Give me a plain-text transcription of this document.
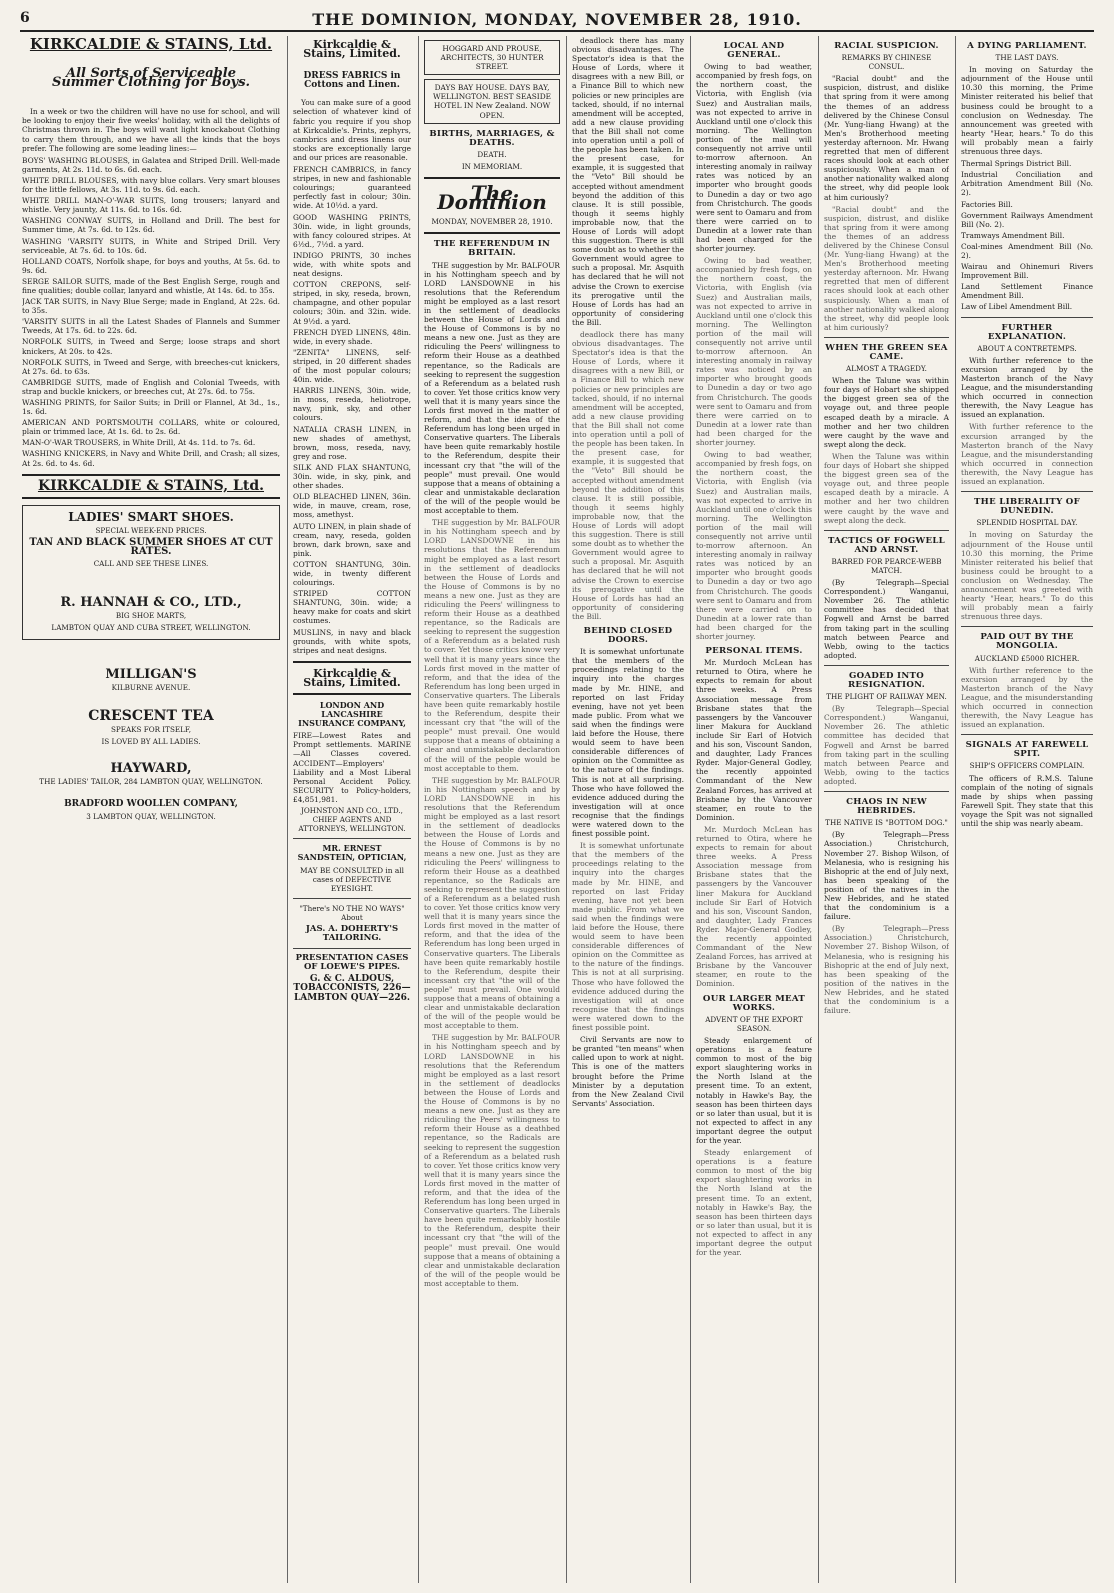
6	THE DOMINION, MONDAY, NOVEMBER 28, 1910.
KIRKCALDIE & STAINS, Ltd.
All Sorts of Serviceable Summer Clothing for Boys.

In a week or two the children will have no use for school, and will be looking to enjoy their five weeks' holiday, with all the delights of Christmas thrown in. The boys will want light knockabout Clothing to carry them through, and we have all the kinds that the boys prefer. The following are some leading lines:—

BOYS' WASHING BLOUSES, in Galatea and Striped Drill. Well-made garments, At 2s. 11d. to 6s. 6d. each.
WHITE DRILL BLOUSES, with navy blue collars. Very smart blouses for the little fellows, At 3s. 11d. to 9s. 6d. each.
WHITE DRILL MAN-O'-WAR SUITS, long trousers; lanyard and whistle. Very jaunty, At 11s. 6d. to 16s. 6d.
WASHING CONWAY SUITS, in Holland and Drill. The best for Summer time, At 7s. 6d. to 12s. 6d.
WASHING 'VARSITY SUITS, in White and Striped Drill. Very serviceable, At 7s. 6d. to 10s. 6d.
HOLLAND COATS, Norfolk shape, for boys and youths, At 5s. 6d. to 9s. 6d.
SERGE SAILOR SUITS, made of the Best English Serge, rough and fine qualities; double collar, lanyard and whistle, At 14s. 6d. to 35s.
JACK TAR SUITS, in Navy Blue Serge; made in England, At 22s. 6d. to 35s.
'VARSITY SUITS in all the Latest Shades of Flannels and Summer Tweeds, At 17s. 6d. to 22s. 6d.
NORFOLK SUITS, in Tweed and Serge; loose straps and short knickers, At 20s. to 42s.
NORFOLK SUITS, in Tweed and Serge, with breeches-cut knickers, At 27s. 6d. to 63s.
CAMBRIDGE SUITS, made of English and Colonial Tweeds, with strap and buckle knickers, or breeches cut, At 27s. 6d. to 75s.
WASHING PRINTS, for Sailor Suits; in Drill or Flannel, At 3d., 1s., 1s. 6d.
AMERICAN AND PORTSMOUTH COLLARS, white or coloured, plain or trimmed lace, At 1s. 6d. to 2s. 6d.
MAN-O'-WAR TROUSERS, in White Drill, At 4s. 11d. to 7s. 6d.
WASHING KNICKERS, in Navy and White Drill, and Crash; all sizes, At 2s. 6d. to 4s. 6d.
KIRKCALDIE & STAINS, Ltd.
LADIES' SMART SHOES.
SPECIAL WEEK-END PRICES.
TAN AND BLACK SUMMER SHOES AT CUT RATES.
CALL AND SEE THESE LINES.
R. HANNAH & CO., LTD.,
BIG SHOE MARTS,
LAMBTON QUAY AND CUBA STREET, WELLINGTON.
MILLIGAN'S
KILBURNE AVENUE.
CRESCENT TEA
SPEAKS FOR ITSELF,
IS LOVED BY ALL LADIES.
HAYWARD,
THE LADIES' TAILOR, 284 LAMBTON QUAY, WELLINGTON.
BRADFORD WOOLLEN COMPANY,
3 LAMBTON QUAY, WELLINGTON.
Kirkcaldie & Stains, Limited.
DRESS FABRICS in Cottons and Linen.

You can make sure of a good selection of whatever kind of fabric you require if you shop at Kirkcaldie's. Prints, zephyrs, cambrics and dress linens our stocks are exceptionally large and our prices are reasonable.

FRENCH CAMBRICS, in fancy stripes, in new and fashionable colourings; guaranteed perfectly fast in colour; 30in. wide. At 10½d. a yard.
GOOD WASHING PRINTS, 30in. wide, in light grounds, with fancy coloured stripes. At 6½d., 7½d. a yard.
INDIGO PRINTS, 30 inches wide, with white spots and neat designs.
COTTON CREPONS, self-striped, in sky, reseda, brown, champagne, and other popular colours; 30in. and 32in. wide. At 9½d. a yard.
FRENCH DYED LINENS, 48in. wide, in every shade.
"ZENITA" LINENS, self-striped, in 20 different shades of the most popular colours; 40in. wide.
HARRIS LINENS, 30in. wide, in moss, reseda, heliotrope, navy, pink, sky, and other colours.
NATALIA CRASH LINEN, in new shades of amethyst, brown, moss, reseda, navy, grey and rose.
SILK AND FLAX SHANTUNG, 30in. wide, in sky, pink, and other shades.
OLD BLEACHED LINEN, 36in. wide, in mauve, cream, rose, moss, amethyst.
AUTO LINEN, in plain shade of cream, navy, reseda, golden brown, dark brown, saxe and pink.
COTTON SHANTUNG, 30in. wide, in twenty different colourings.
STRIPED COTTON SHANTUNG, 30in. wide; a heavy make for coats and skirt costumes.
MUSLINS, in navy and black grounds, with white spots, stripes and neat designs.
Kirkcaldie & Stains, Limited.
LONDON AND LANCASHIRE INSURANCE COMPANY,
FIRE—Lowest Rates and Prompt settlements. MARINE—All Classes covered. ACCIDENT—Employers' Liability and a Most Liberal Personal Accident Policy. SECURITY to Policy-holders, £4,851,981.
JOHNSTON AND CO., LTD., CHIEF AGENTS AND ATTORNEYS, WELLINGTON.
MR. ERNEST SANDSTEIN, OPTICIAN,
MAY BE CONSULTED in all cases of DEFECTIVE EYESIGHT.
"There's NO THE NO WAYS" About
JAS. A. DOHERTY'S TAILORING.
PRESENTATION CASES OF LOEWE'S PIPES.
G. & C. ALDOUS, TOBACCONISTS, 226—LAMBTON QUAY—226.
HOGGARD AND PROUSE, ARCHITECTS, 30 HUNTER STREET.
DAYS BAY HOUSE. DAYS BAY, WELLINGTON. BEST SEASIDE HOTEL IN New Zealand. NOW OPEN.
BIRTHS, MARRIAGES, & DEATHS.
DEATH.
IN MEMORIAM.
The Dominion
MONDAY, NOVEMBER 28, 1910.
THE REFERENDUM IN BRITAIN.

THE suggestion by Mr. BALFOUR in his Nottingham speech and by LORD LANSDOWNE in his resolutions that the Referendum might be employed as a last resort in the settlement of deadlocks between the House of Lords and the House of Commons is by no means a new one. Just as they are ridiculing the Peers' willingness to reform their House as a deathbed repentance, so the Radicals are seeking to represent the suggestion of a Referendum as a belated rush to cover. Yet those critics know very well that it is many years since the Lords first moved in the matter of reform, and that the idea of the Referendum has long been urged in Conservative quarters. The Liberals have been quite remarkably hostile to the Referendum, despite their incessant cry that "the will of the people" must prevail. One would suppose that a means of obtaining a clear and unmistakable declaration of the will of the people would be most acceptable to them.

THE suggestion by Mr. BALFOUR in his Nottingham speech and by LORD LANSDOWNE in his resolutions that the Referendum might be employed as a last resort in the settlement of deadlocks between the House of Lords and the House of Commons is by no means a new one. Just as they are ridiculing the Peers' willingness to reform their House as a deathbed repentance, so the Radicals are seeking to represent the suggestion of a Referendum as a belated rush to cover. Yet those critics know very well that it is many years since the Lords first moved in the matter of reform, and that the idea of the Referendum has long been urged in Conservative quarters. The Liberals have been quite remarkably hostile to the Referendum, despite their incessant cry that "the will of the people" must prevail. One would suppose that a means of obtaining a clear and unmistakable declaration of the will of the people would be most acceptable to them.

THE suggestion by Mr. BALFOUR in his Nottingham speech and by LORD LANSDOWNE in his resolutions that the Referendum might be employed as a last resort in the settlement of deadlocks between the House of Lords and the House of Commons is by no means a new one. Just as they are ridiculing the Peers' willingness to reform their House as a deathbed repentance, so the Radicals are seeking to represent the suggestion of a Referendum as a belated rush to cover. Yet those critics know very well that it is many years since the Lords first moved in the matter of reform, and that the idea of the Referendum has long been urged in Conservative quarters. The Liberals have been quite remarkably hostile to the Referendum, despite their incessant cry that "the will of the people" must prevail. One would suppose that a means of obtaining a clear and unmistakable declaration of the will of the people would be most acceptable to them.

THE suggestion by Mr. BALFOUR in his Nottingham speech and by LORD LANSDOWNE in his resolutions that the Referendum might be employed as a last resort in the settlement of deadlocks between the House of Lords and the House of Commons is by no means a new one. Just as they are ridiculing the Peers' willingness to reform their House as a deathbed repentance, so the Radicals are seeking to represent the suggestion of a Referendum as a belated rush to cover. Yet those critics know very well that it is many years since the Lords first moved in the matter of reform, and that the idea of the Referendum has long been urged in Conservative quarters. The Liberals have been quite remarkably hostile to the Referendum, despite their incessant cry that "the will of the people" must prevail. One would suppose that a means of obtaining a clear and unmistakable declaration of the will of the people would be most acceptable to them.

deadlock there has many obvious disadvantages. The Spectator's idea is that the House of Lords, where it disagrees with a new Bill, or a Finance Bill to which new policies or new principles are tacked, should, if no internal amendment will be accepted, add a new clause providing that the Bill shall not come into operation until a poll of the people has been taken. In the present case, for example, it is suggested that the "Veto" Bill should be accepted without amendment beyond the addition of this clause. It is still possible, though it seems highly improbable now, that the House of Lords will adopt this suggestion. There is still some doubt as to whether the Government would agree to such a proposal. Mr. Asquith has declared that he will not advise the Crown to exercise its prerogative until the House of Lords has had an opportunity of considering the Bill.

deadlock there has many obvious disadvantages. The Spectator's idea is that the House of Lords, where it disagrees with a new Bill, or a Finance Bill to which new policies or new principles are tacked, should, if no internal amendment will be accepted, add a new clause providing that the Bill shall not come into operation until a poll of the people has been taken. In the present case, for example, it is suggested that the "Veto" Bill should be accepted without amendment beyond the addition of this clause. It is still possible, though it seems highly improbable now, that the House of Lords will adopt this suggestion. There is still some doubt as to whether the Government would agree to such a proposal. Mr. Asquith has declared that he will not advise the Crown to exercise its prerogative until the House of Lords has had an opportunity of considering the Bill.

BEHIND CLOSED DOORS.

It is somewhat unfortunate that the members of the proceedings relating to the inquiry into the charges made by Mr. HINE, and reported on last Friday evening, have not yet been made public. From what we said when the findings were laid before the House, there would seem to have been considerable differences of opinion on the Committee as to the nature of the findings. This is not at all surprising. Those who have followed the evidence adduced during the investigation will at once recognise that the findings were watered down to the finest possible point.

It is somewhat unfortunate that the members of the proceedings relating to the inquiry into the charges made by Mr. HINE, and reported on last Friday evening, have not yet been made public. From what we said when the findings were laid before the House, there would seem to have been considerable differences of opinion on the Committee as to the nature of the findings. This is not at all surprising. Those who have followed the evidence adduced during the investigation will at once recognise that the findings were watered down to the finest possible point.

Civil Servants are now to be granted "ten means" when called upon to work at night. This is one of the matters brought before the Prime Minister by a deputation from the New Zealand Civil Servants' Association.

LOCAL AND GENERAL.

Owing to bad weather, accompanied by fresh fogs, on the northern coast, the Victoria, with English (via Suez) and Australian mails, was not expected to arrive in Auckland until one o'clock this morning. The Wellington portion of the mail will consequently not arrive until to-morrow afternoon. An interesting anomaly in railway rates was noticed by an importer who brought goods to Dunedin a day or two ago from Christchurch. The goods were sent to Oamaru and from there were carried on to Dunedin at a lower rate than had been charged for the shorter journey.

Owing to bad weather, accompanied by fresh fogs, on the northern coast, the Victoria, with English (via Suez) and Australian mails, was not expected to arrive in Auckland until one o'clock this morning. The Wellington portion of the mail will consequently not arrive until to-morrow afternoon. An interesting anomaly in railway rates was noticed by an importer who brought goods to Dunedin a day or two ago from Christchurch. The goods were sent to Oamaru and from there were carried on to Dunedin at a lower rate than had been charged for the shorter journey.

Owing to bad weather, accompanied by fresh fogs, on the northern coast, the Victoria, with English (via Suez) and Australian mails, was not expected to arrive in Auckland until one o'clock this morning. The Wellington portion of the mail will consequently not arrive until to-morrow afternoon. An interesting anomaly in railway rates was noticed by an importer who brought goods to Dunedin a day or two ago from Christchurch. The goods were sent to Oamaru and from there were carried on to Dunedin at a lower rate than had been charged for the shorter journey.

PERSONAL ITEMS.

Mr. Murdoch McLean has returned to Otira, where he expects to remain for about three weeks. A Press Association message from Brisbane states that the passengers by the Vancouver liner Makura for Auckland include Sir Earl of Hotvich and his son, Viscount Sandon, and daughter, Lady Frances Ryder. Major-General Godley, the recently appointed Commandant of the New Zealand Forces, has arrived at Brisbane by the Vancouver steamer, en route to the Dominion.

Mr. Murdoch McLean has returned to Otira, where he expects to remain for about three weeks. A Press Association message from Brisbane states that the passengers by the Vancouver liner Makura for Auckland include Sir Earl of Hotvich and his son, Viscount Sandon, and daughter, Lady Frances Ryder. Major-General Godley, the recently appointed Commandant of the New Zealand Forces, has arrived at Brisbane by the Vancouver steamer, en route to the Dominion.

OUR LARGER MEAT WORKS.
ADVENT OF THE EXPORT SEASON.

Steady enlargement of operations is a feature common to most of the big export slaughtering works in the North Island at the present time. To an extent, notably in Hawke's Bay, the season has been thirteen days or so later than usual, but it is not expected to affect in any important degree the output for the year.

Steady enlargement of operations is a feature common to most of the big export slaughtering works in the North Island at the present time. To an extent, notably in Hawke's Bay, the season has been thirteen days or so later than usual, but it is not expected to affect in any important degree the output for the year.

RACIAL SUSPICION.
REMARKS BY CHINESE CONSUL.

"Racial doubt" and the suspicion, distrust, and dislike that spring from it were among the themes of an address delivered by the Chinese Consul (Mr. Yung-liang Hwang) at the Men's Brotherhood meeting yesterday afternoon. Mr. Hwang regretted that men of different races should look at each other suspiciously. When a man of another nationality walked along the street, why did people look at him curiously?

"Racial doubt" and the suspicion, distrust, and dislike that spring from it were among the themes of an address delivered by the Chinese Consul (Mr. Yung-liang Hwang) at the Men's Brotherhood meeting yesterday afternoon. Mr. Hwang regretted that men of different races should look at each other suspiciously. When a man of another nationality walked along the street, why did people look at him curiously?

WHEN THE GREEN SEA CAME.
ALMOST A TRAGEDY.

When the Talune was within four days of Hobart she shipped the biggest green sea of the voyage out, and three people escaped death by a miracle. A mother and her two children were caught by the wave and swept along the deck.

When the Talune was within four days of Hobart she shipped the biggest green sea of the voyage out, and three people escaped death by a miracle. A mother and her two children were caught by the wave and swept along the deck.

TACTICS OF FOGWELL AND ARNST.
BARRED FOR PEARCE-WEBB MATCH.

(By Telegraph—Special Correspondent.) Wanganui, November 26. The athletic committee has decided that Fogwell and Arnst be barred from taking part in the sculling match between Pearce and Webb, owing to the tactics adopted.

GOADED INTO RESIGNATION.
THE PLIGHT OF RAILWAY MEN.

(By Telegraph—Special Correspondent.) Wanganui, November 26. The athletic committee has decided that Fogwell and Arnst be barred from taking part in the sculling match between Pearce and Webb, owing to the tactics adopted.

CHAOS IN NEW HEBRIDES.
THE NATIVE IS "BOTTOM DOG."

(By Telegraph—Press Association.) Christchurch, November 27. Bishop Wilson, of Melanesia, who is resigning his Bishopric at the end of July next, has been speaking of the position of the natives in the New Hebrides, and he stated that the condominium is a failure.

(By Telegraph—Press Association.) Christchurch, November 27. Bishop Wilson, of Melanesia, who is resigning his Bishopric at the end of July next, has been speaking of the position of the natives in the New Hebrides, and he stated that the condominium is a failure.

A DYING PARLIAMENT.
THE LAST DAYS.

In moving on Saturday the adjournment of the House until 10.30 this morning, the Prime Minister reiterated his belief that business could be brought to a conclusion on Wednesday. The announcement was greeted with hearty "Hear, hears." To do this will probably mean a fairly strenuous three days.

Thermal Springs District Bill.
Industrial Conciliation and Arbitration Amendment Bill (No. 2).
Factories Bill.
Government Railways Amendment Bill (No. 2).
Tramways Amendment Bill.
Coal-mines Amendment Bill (No. 2).
Wairau and Ohinemuri Rivers Improvement Bill.
Land Settlement Finance Amendment Bill.
Law of Libel Amendment Bill.
FURTHER EXPLANATION.
ABOUT A CONTRETEMPS.

With further reference to the excursion arranged by the Masterton branch of the Navy League, and the misunderstanding which occurred in connection therewith, the Navy League has issued an explanation.

With further reference to the excursion arranged by the Masterton branch of the Navy League, and the misunderstanding which occurred in connection therewith, the Navy League has issued an explanation.

THE LIBERALITY OF DUNEDIN.
SPLENDID HOSPITAL DAY.

In moving on Saturday the adjournment of the House until 10.30 this morning, the Prime Minister reiterated his belief that business could be brought to a conclusion on Wednesday. The announcement was greeted with hearty "Hear, hears." To do this will probably mean a fairly strenuous three days.

PAID OUT BY THE MONGOLIA.
AUCKLAND £5000 RICHER.

With further reference to the excursion arranged by the Masterton branch of the Navy League, and the misunderstanding which occurred in connection therewith, the Navy League has issued an explanation.

SIGNALS AT FAREWELL SPIT.
SHIP'S OFFICERS COMPLAIN.

The officers of R.M.S. Talune complain of the noting of signals made by ships when passing Farewell Spit. They state that this voyage the Spit was not signalled until the ship was nearly abeam.
